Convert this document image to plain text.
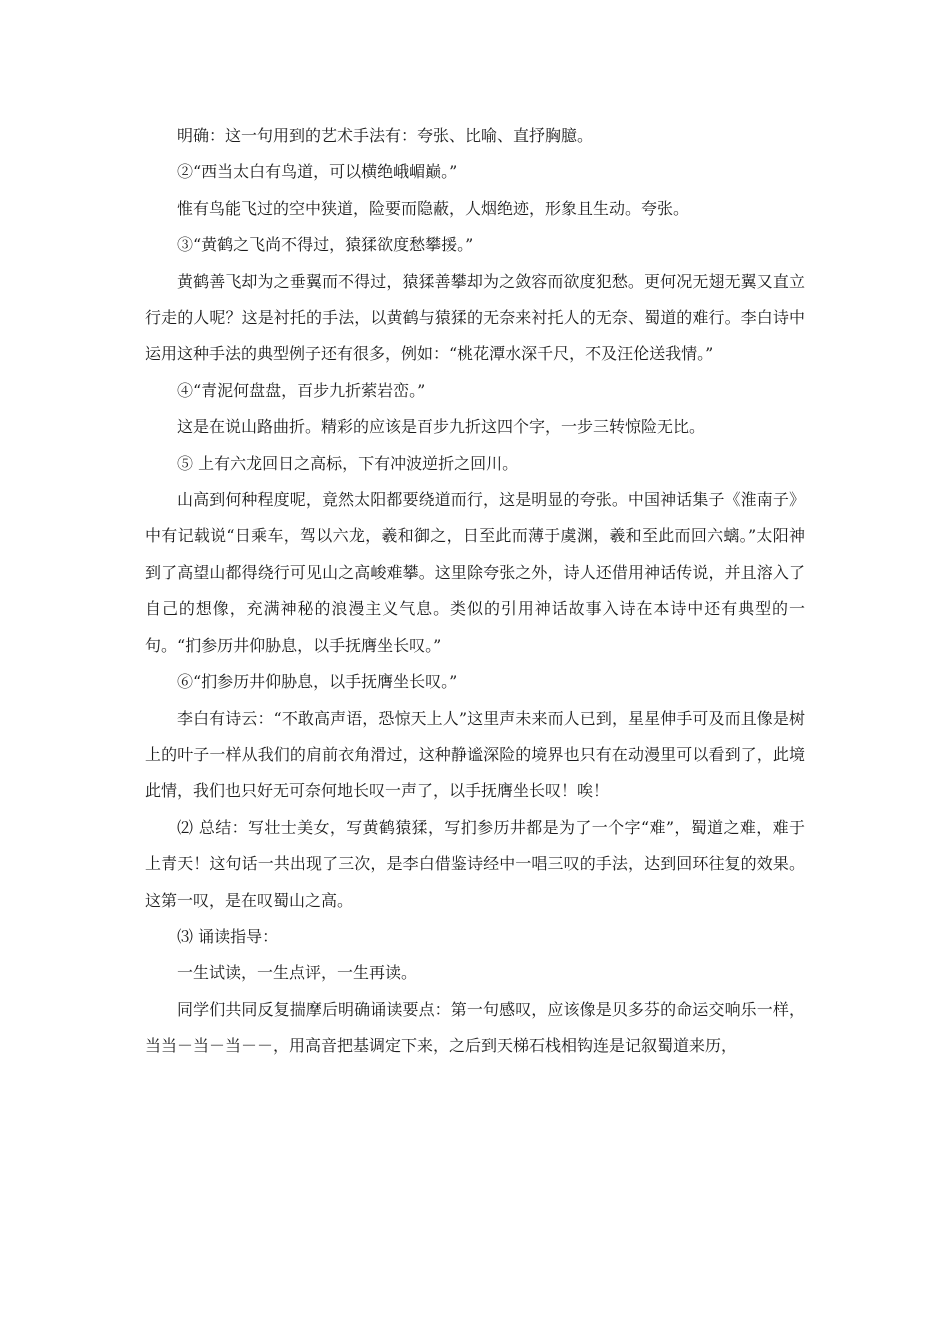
明确：这一句用到的艺术手法有：夸张、比喻、直抒胸臆。

②“西当太白有鸟道，可以横绝峨嵋巅。”

惟有鸟能飞过的空中狭道，险要而隐蔽，人烟绝迹，形象且生动。夸张。

③“黄鹤之飞尚不得过，猿猱欲度愁攀援。”

黄鹤善飞却为之垂翼而不得过，猿猱善攀却为之敛容而欲度犯愁。更何况无翅无翼又直立行走的人呢？这是衬托的手法，以黄鹤与猿猱的无奈来衬托人的无奈、蜀道的难行。李白诗中运用这种手法的典型例子还有很多，例如：“桃花潭水深千尺，不及汪伦送我情。”

④“青泥何盘盘，百步九折萦岩峦。”

这是在说山路曲折。精彩的应该是百步九折这四个字，一步三转惊险无比。

⑤ 上有六龙回日之高标，下有冲波逆折之回川。

山高到何种程度呢，竟然太阳都要绕道而行，这是明显的夸张。中国神话集子《淮南子》中有记载说“日乘车，驾以六龙，羲和御之，日至此而薄于虞渊，羲和至此而回六螭。”太阳神到了高望山都得绕行可见山之高峻难攀。这里除夸张之外，诗人还借用神话传说，并且溶入了自己的想像，充满神秘的浪漫主义气息。类似的引用神话故事入诗在本诗中还有典型的一句。“扪参历井仰胁息，以手抚膺坐长叹。”

⑥“扪参历井仰胁息，以手抚膺坐长叹。”

李白有诗云：“不敢高声语，恐惊天上人”这里声未来而人已到，星星伸手可及而且像是树上的叶子一样从我们的肩前衣角滑过，这种静谧深险的境界也只有在动漫里可以看到了，此境此情，我们也只好无可奈何地长叹一声了，以手抚膺坐长叹！唉！

⑵ 总结：写壮士美女，写黄鹤猿猱，写扪参历井都是为了一个字“难”，蜀道之难，难于上青天！这句话一共出现了三次，是李白借鉴诗经中一唱三叹的手法，达到回环往复的效果。这第一叹，是在叹蜀山之高。

⑶ 诵读指导：

一生试读，一生点评，一生再读。

同学们共同反复揣摩后明确诵读要点：第一句感叹，应该像是贝多芬的命运交响乐一样，当当－当－当－－，用高音把基调定下来，之后到天梯石栈相钩连是记叙蜀道来历，
